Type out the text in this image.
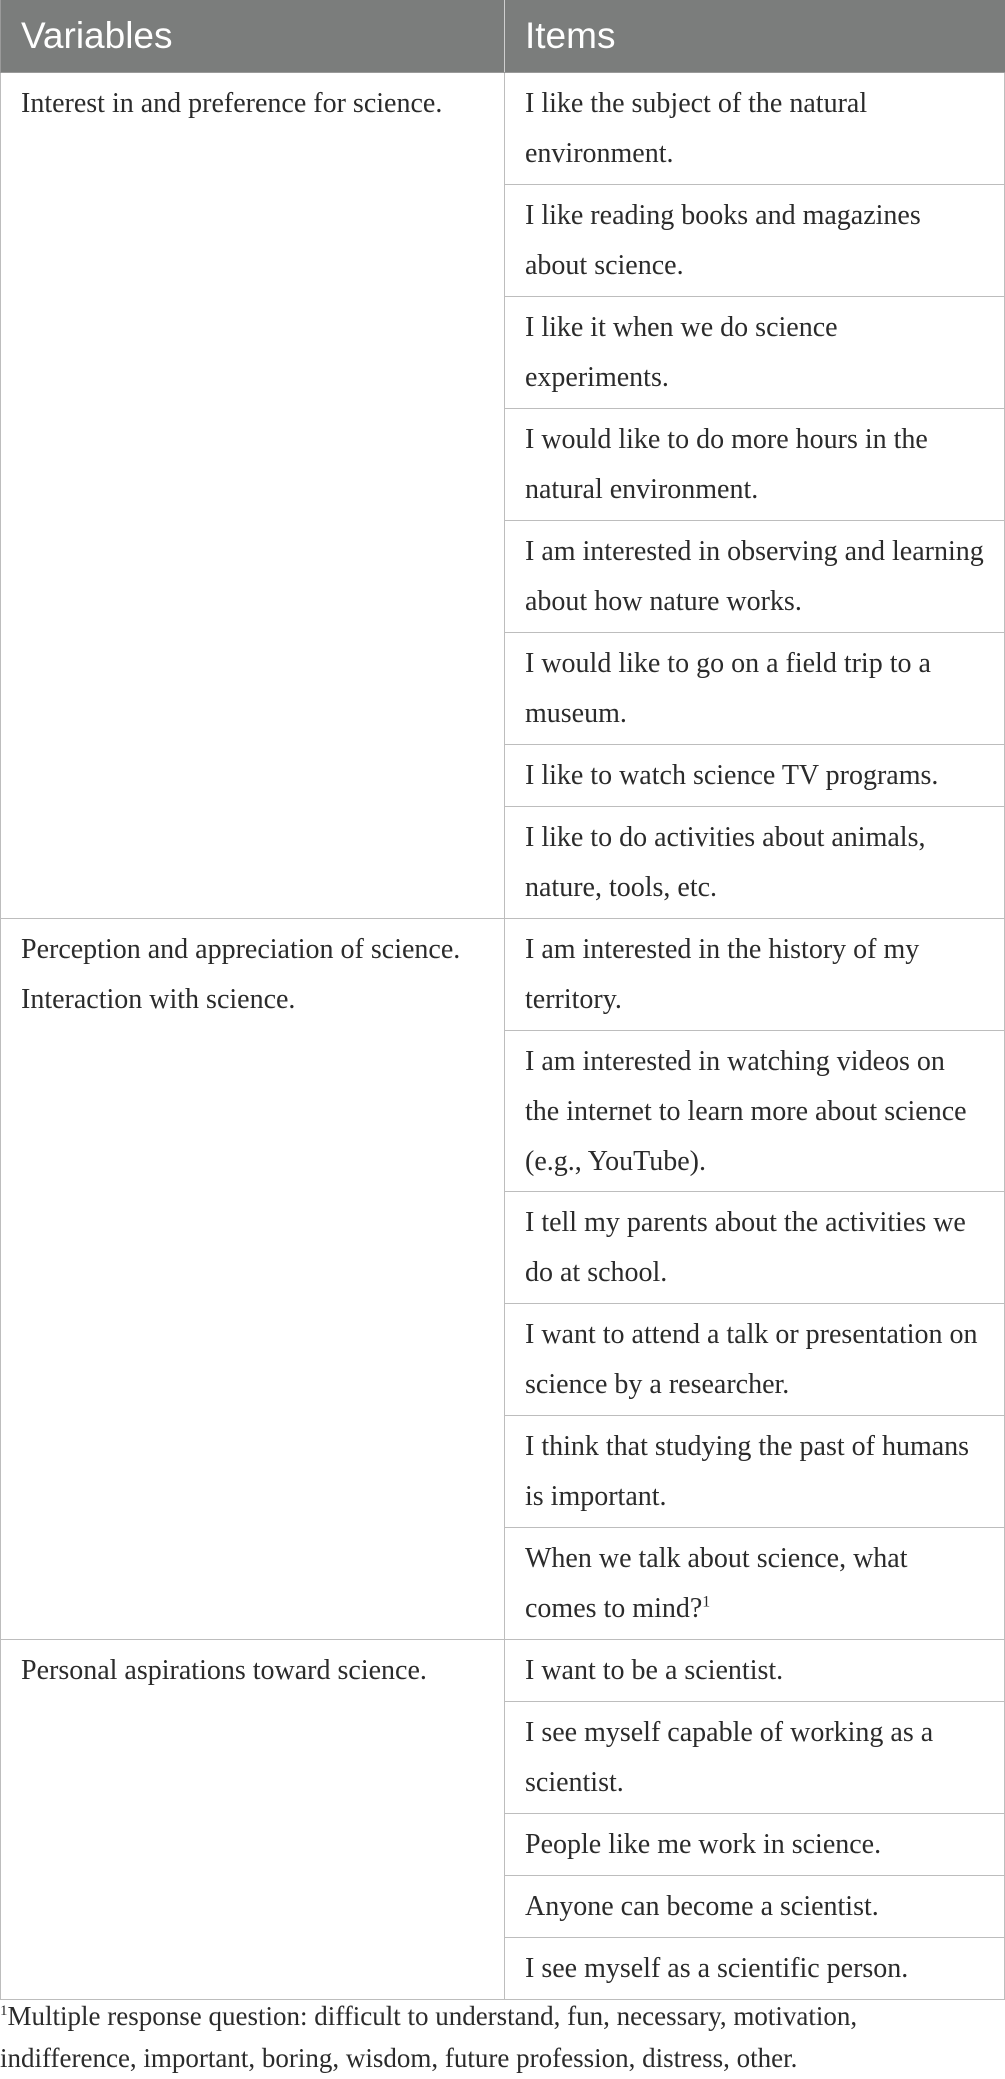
Variables	Items
Interest in and preference for science.	I like the subject of the natural environment.
	I like reading books and magazines about science.
	I like it when we do science experiments.
	I would like to do more hours in the natural environment.
	I am interested in observing and learning about how nature works.
	I would like to go on a field trip to a museum.
	I like to watch science TV programs.
	I like to do activities about animals, nature, tools, etc.
Perception and appreciation of science. Interaction with science.	I am interested in the history of my territory.
	I am interested in watching videos on the internet to learn more about science (e.g., YouTube).
	I tell my parents about the activities we do at school.
	I want to attend a talk or presentation on science by a researcher.
	I think that studying the past of humans is important.
	When we talk about science, what comes to mind?$^1$
Personal aspirations toward science.	I want to be a scientist.
	I see myself capable of working as a scientist.
	People like me work in science.
	Anyone can become a scientist.
	I see myself as a scientific person.
$^1$Multiple response question: difficult to understand, fun, necessary, motivation, indifference, important, boring, wisdom, future profession, distress, other.
